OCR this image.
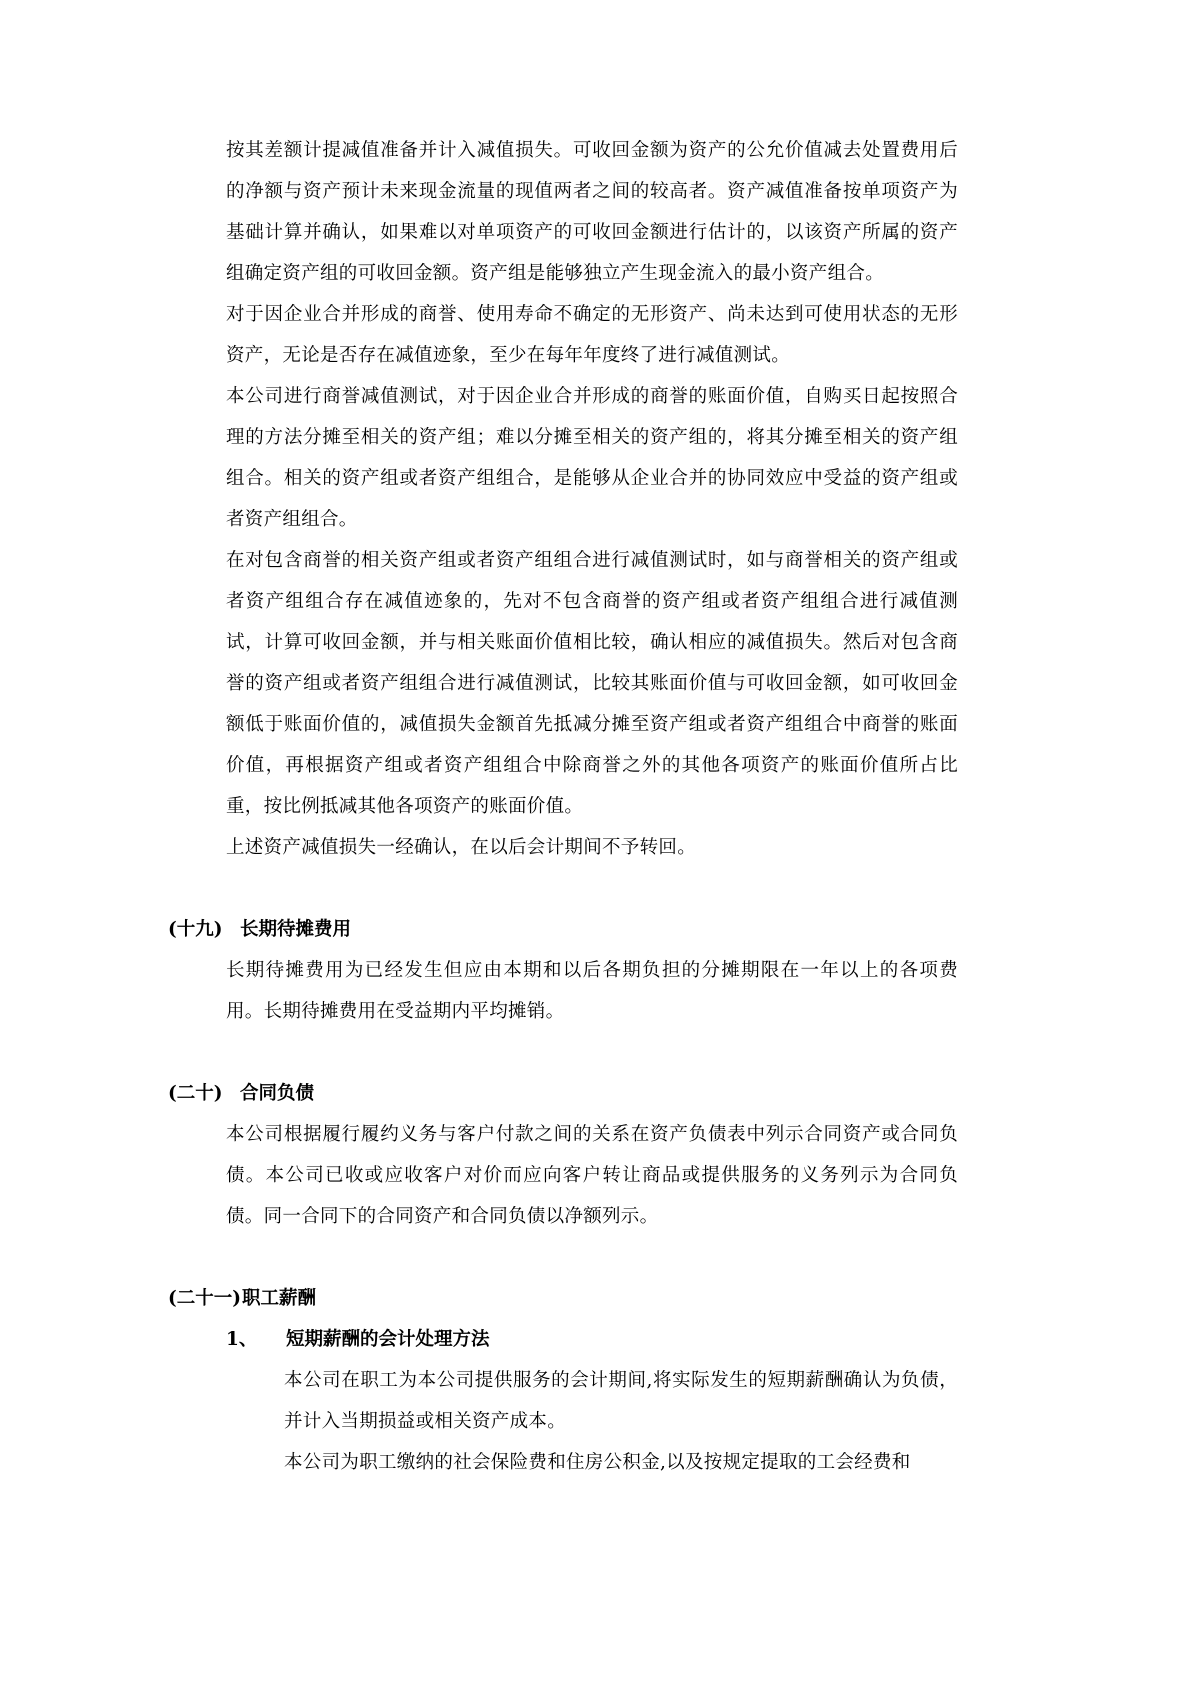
按其差额计提减值准备并计入减值损失。可收回金额为资产的公允价值减去处置费用后的净额与资产预计未来现金流量的现值两者之间的较高者。资产减值准备按单项资产为基础计算并确认，如果难以对单项资产的可收回金额进行估计的，以该资产所属的资产组确定资产组的可收回金额。资产组是能够独立产生现金流入的最小资产组合。

对于因企业合并形成的商誉、使用寿命不确定的无形资产、尚未达到可使用状态的无形资产，无论是否存在减值迹象，至少在每年年度终了进行减值测试。

本公司进行商誉减值测试，对于因企业合并形成的商誉的账面价值，自购买日起按照合理的方法分摊至相关的资产组；难以分摊至相关的资产组的，将其分摊至相关的资产组组合。相关的资产组或者资产组组合，是能够从企业合并的协同效应中受益的资产组或者资产组组合。

在对包含商誉的相关资产组或者资产组组合进行减值测试时，如与商誉相关的资产组或者资产组组合存在减值迹象的，先对不包含商誉的资产组或者资产组组合进行减值测试，计算可收回金额，并与相关账面价值相比较，确认相应的减值损失。然后对包含商誉的资产组或者资产组组合进行减值测试，比较其账面价值与可收回金额，如可收回金额低于账面价值的，减值损失金额首先抵减分摊至资产组或者资产组组合中商誉的账面价值，再根据资产组或者资产组组合中除商誉之外的其他各项资产的账面价值所占比重，按比例抵减其他各项资产的账面价值。

上述资产减值损失一经确认，在以后会计期间不予转回。

(十九) 长期待摊费用

长期待摊费用为已经发生但应由本期和以后各期负担的分摊期限在一年以上的各项费用。长期待摊费用在受益期内平均摊销。

(二十) 合同负债

本公司根据履行履约义务与客户付款之间的关系在资产负债表中列示合同资产或合同负债。本公司已收或应收客户对价而应向客户转让商品或提供服务的义务列示为合同负债。同一合同下的合同资产和合同负债以净额列示。

(二十一) 职工薪酬
1、	短期薪酬的会计处理方法

本公司在职工为本公司提供服务的会计期间,将实际发生的短期薪酬确认为负债，并计入当期损益或相关资产成本。

本公司为职工缴纳的社会保险费和住房公积金,以及按规定提取的工会经费和
